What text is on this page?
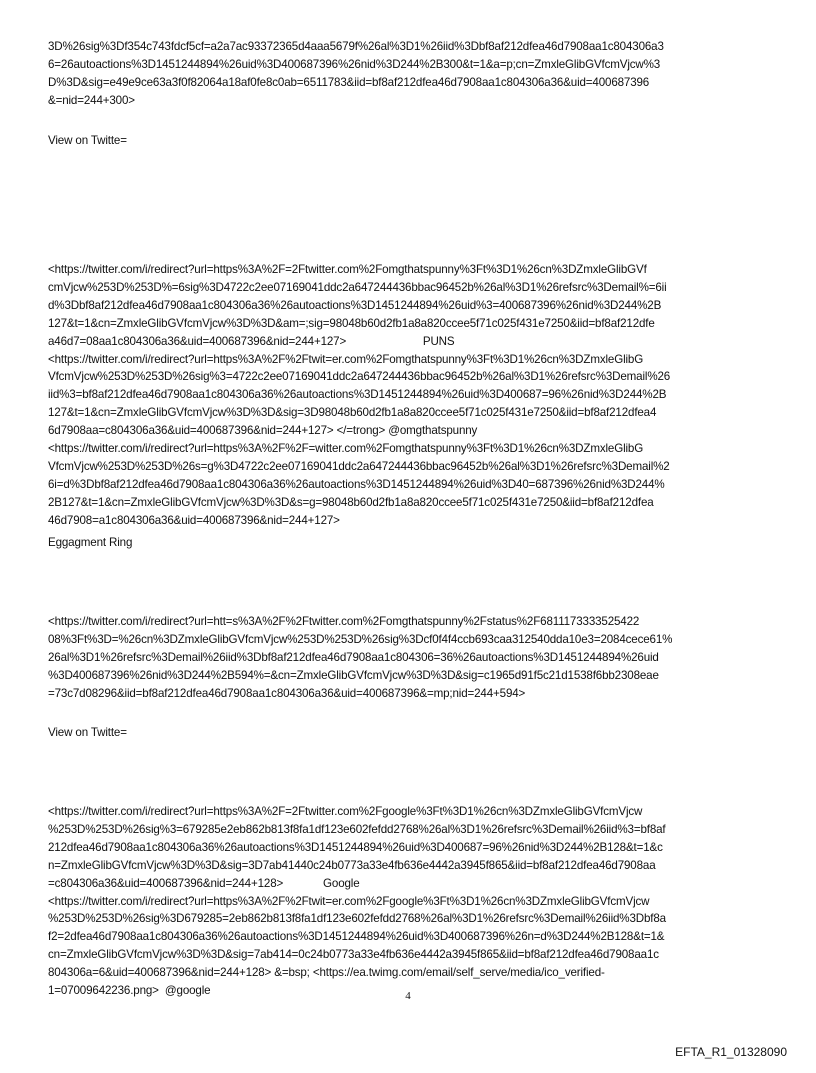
3D%26sig%3Df354c743fdcf5cf=a2a7ac93372365d4aaa5679f%26al%3D1%26iid%3Dbf8af212dfea46d7908aa1c804306a3
6=26autoactions%3D1451244894%26uid%3D400687396%26nid%3D244%2B300&t=1&a=p;cn=ZmxleGlibGVfcmVjcw%3
D%3D&sig=e49e9ce63a3f0f82064a18af0fe8c0ab=6511783&iid=bf8af212dfea46d7908aa1c804306a36&uid=400687396
&=nid=244+300>
View on Twitte=
<https://twitter.com/i/redirect?url=https%3A%2F=2Ftwitter.com%2Fomgthatspunny%3Ft%3D1%26cn%3DZmxleGlibGVf
cmVjcw%253D%253D%=6sig%3D4722c2ee07169041ddc2a647244436bbac96452b%26al%3D1%26refsrc%3Demail%=6ii
d%3Dbf8af212dfea46d7908aa1c804306a36%26autoactions%3D1451244894%26uid%3=400687396%26nid%3D244%2B
127&t=1&cn=ZmxleGlibGVfcmVjcw%3D%3D&am=;sig=98048b60d2fb1a8a820ccee5f71c025f431e7250&iid=bf8af212dfe
a46d7=08aa1c804306a36&uid=400687396&nid=244+127>                         PUNS
<https://twitter.com/i/redirect?url=https%3A%2F%2Ftwit=er.com%2Fomgthatspunny%3Ft%3D1%26cn%3DZmxleGlibG
VfcmVjcw%253D%253D%26sig%3=4722c2ee07169041ddc2a647244436bbac96452b%26al%3D1%26refsrc%3Demail%26
iid%3=bf8af212dfea46d7908aa1c804306a36%26autoactions%3D1451244894%26uid%3D400687=96%26nid%3D244%2B
127&t=1&cn=ZmxleGlibGVfcmVjcw%3D%3D&sig=3D98048b60d2fb1a8a820ccee5f71c025f431e7250&iid=bf8af212dfea4
6d7908aa=c804306a36&uid=400687396&nid=244+127> </=trong> @omgthatspunny
<https://twitter.com/i/redirect?url=https%3A%2F%2F=witter.com%2Fomgthatspunny%3Ft%3D1%26cn%3DZmxleGlibG
VfcmVjcw%253D%253D%26s=g%3D4722c2ee07169041ddc2a647244436bbac96452b%26al%3D1%26refsrc%3Demail%2
6i=d%3Dbf8af212dfea46d7908aa1c804306a36%26autoactions%3D1451244894%26uid%3D40=687396%26nid%3D244%
2B127&t=1&cn=ZmxleGlibGVfcmVjcw%3D%3D&s=g=98048b60d2fb1a8a820ccee5f71c025f431e7250&iid=bf8af212dfea
46d7908=a1c804306a36&uid=400687396&nid=244+127>
Eggagment Ring
<https://twitter.com/i/redirect?url=htt=s%3A%2F%2Ftwitter.com%2Fomgthatspunny%2Fstatus%2F6811173333525422
08%3Ft%3D=%26cn%3DZmxleGlibGVfcmVjcw%253D%253D%26sig%3Dcf0f4f4ccb693caa312540dda10e3=2084cece61%
26al%3D1%26refsrc%3Demail%26iid%3Dbf8af212dfea46d7908aa1c804306=36%26autoactions%3D1451244894%26uid
%3D400687396%26nid%3D244%2B594%=&cn=ZmxleGlibGVfcmVjcw%3D%3D&sig=c1965d91f5c21d1538f6bb2308eae
=73c7d08296&iid=bf8af212dfea46d7908aa1c804306a36&uid=400687396&=mp;nid=244+594>
View on Twitte=
<https://twitter.com/i/redirect?url=https%3A%2F=2Ftwitter.com%2Fgoogle%3Ft%3D1%26cn%3DZmxleGlibGVfcmVjcw
%253D%253D%26sig%3=679285e2eb862b813f8fa1df123e602fefdd2768%26al%3D1%26refsrc%3Demail%26iid%3=bf8af
212dfea46d7908aa1c804306a36%26autoactions%3D1451244894%26uid%3D400687=96%26nid%3D244%2B128&t=1&c
n=ZmxleGlibGVfcmVjcw%3D%3D&sig=3D7ab41440c24b0773a33e4fb636e4442a3945f865&iid=bf8af212dfea46d7908aa
=c804306a36&uid=400687396&nid=244+128>             Google
<https://twitter.com/i/redirect?url=https%3A%2F%2Ftwit=er.com%2Fgoogle%3Ft%3D1%26cn%3DZmxleGlibGVfcmVjcw
%253D%253D%26sig%3D679285=2eb862b813f8fa1df123e602fefdd2768%26al%3D1%26refsrc%3Demail%26iid%3Dbf8a
f2=2dfea46d7908aa1c804306a36%26autoactions%3D1451244894%26uid%3D400687396%26n=d%3D244%2B128&t=1&
cn=ZmxleGlibGVfcmVjcw%3D%3D&sig=7ab414=0c24b0773a33e4fb636e4442a3945f865&iid=bf8af212dfea46d7908aa1c
804306a=6&uid=400687396&nid=244+128> &=bsp; <https://ea.twimg.com/email/self_serve/media/ico_verified-
1=07009642236.png>  @google	4
EFTA_R1_01328090
